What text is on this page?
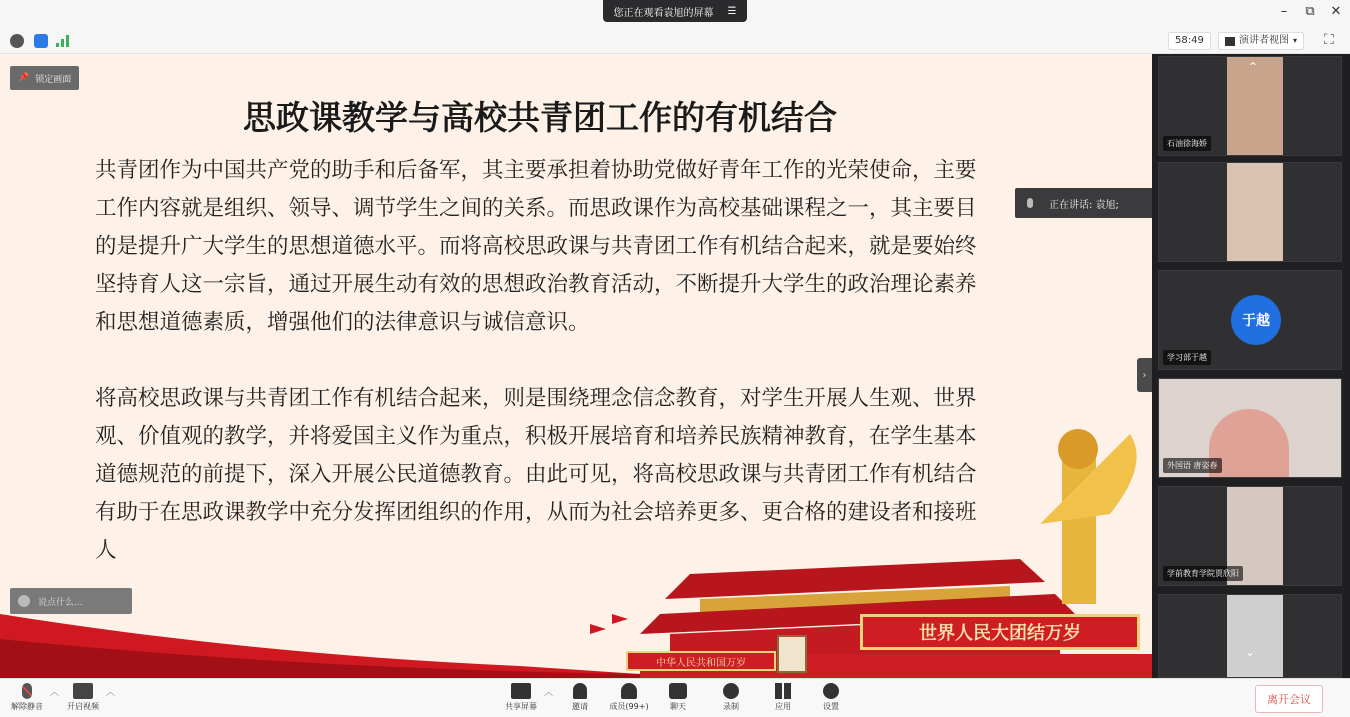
您正在观看袁旭的屏幕 ☰	–	⧉	✕
58:49	演讲者视图 ▾ ⛶
📌 锁定画面
思政课教学与高校共青团工作的有机结合
共青团作为中国共产党的助手和后备军，其主要承担着协助党做好青年工作的光荣使命，主要工作内容就是组织、领导、调节学生之间的关系。而思政课作为高校基础课程之一，其主要目的是提升广大学生的思想道德水平。而将高校思政课与共青团工作有机结合起来，就是要始终坚持育人这一宗旨，通过开展生动有效的思想政治教育活动，不断提升大学生的政治理论素养和思想道德素质，增强他们的法律意识与诚信意识。
将高校思政课与共青团工作有机结合起来，则是围绕理念信念教育，对学生开展人生观、世界观、价值观的教学，并将爱国主义作为重点，积极开展培育和培养民族精神教育，在学生基本道德规范的前提下，深入开展公民道德教育。由此可见，将高校思政课与共青团工作有机结合有助于在思政课教学中充分发挥团组织的作用，从而为社会培养更多、更合格的建设者和接班人
世界人民大团结万岁
中华人民共和国万岁
说点什么...
正在讲话: 袁旭;
石油徐海娇
于越
学习部于越
外国语 唐姿春
学前教育学院贾欣阳
⌄
⌃
›
解除静音
︿
开启视频
︿
共享屏幕
︿
邀请	成员(99+)	聊天	录制	应用	设置
离开会议
